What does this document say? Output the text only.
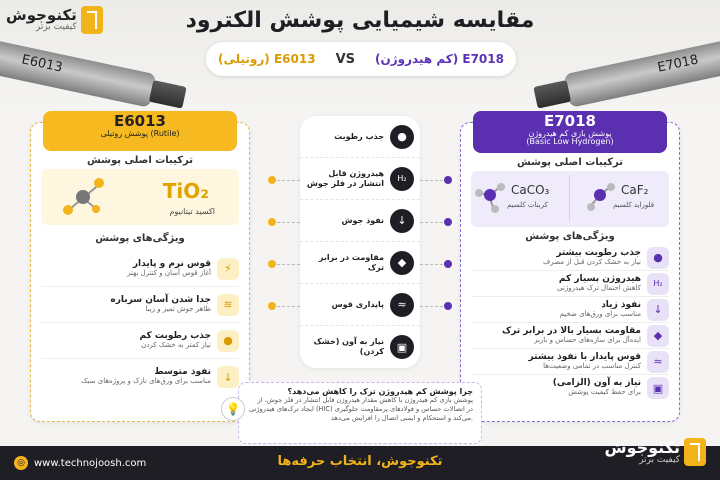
E6013	E7018
مقایسه شیمیایی پوشش الکترود
(روتیلی) E6013 VS (کم هیدروژن) E7018
تکنوجوش
کیفیت برتر
E6013
پوشش روتیلی (Rutile)
ترکیبات اصلی پوشش
TiO₂
اکسید تیتانیوم
ویژگی‌های پوشش
⚡
قوس نرم و پایدار
آغاز قوس آسان و کنترل بهتر
≋
جدا شدن آسان سرباره
ظاهر جوش تمیز و زیبا
●
جذب رطوبت کم
نیاز کمتر به خشک کردن
↓
نفوذ متوسط
مناسب برای ورق‌های نازک و پروژه‌های سبک
E7018
پوشش بازی کم هیدروژن
(Basic Low Hydrogen)
ترکیبات اصلی پوشش
CaCO₃
کربنات کلسیم
CaF₂
فلوراید کلسیم
ویژگی‌های پوشش
●
جذب رطوبت بیشتر
نیاز به خشک کردن قبل از مصرف
H₂
هیدروژن بسیار کم
کاهش احتمال ترک هیدروژنی
↓
نفوذ زیاد
مناسب برای ورق‌های ضخیم
◆
مقاومت بسیار بالا در برابر ترک
ایده‌آل برای سازه‌های حساس و باربر
≈
قوس پایدار با نفوذ بیشتر
کنترل مناسب در تمامی وضعیت‌ها
▣
نیاز به آون (الزامی)
برای حفظ کیفیت پوشش
●
جذب رطوبت
H₂
هیدروژن قابل انتشار در فلز جوش
↓
نفوذ جوش
◆
مقاومت در برابر ترک
≈
پایداری قوس
▣
نیاز به آون (خشک کردن)
💡
چرا پوشش کم هیدروژن ترک را کاهش می‌دهد؟
پوشش بازی کم هیدروژن با کاهش مقدار هیدروژن قابل انتشار در فلز جوش، از ایجاد ترک‌های هیدروژنی (HIC) در اتصالات حساس و فولادهای پرمقاومت جلوگیری می‌کند و استحکام و ایمنی اتصال را افزایش می‌دهد.
◎ www.technojoosh.com	تکنوجوش، انتخاب حرفه‌ها
تکنوجوش
کیفیت برتر
